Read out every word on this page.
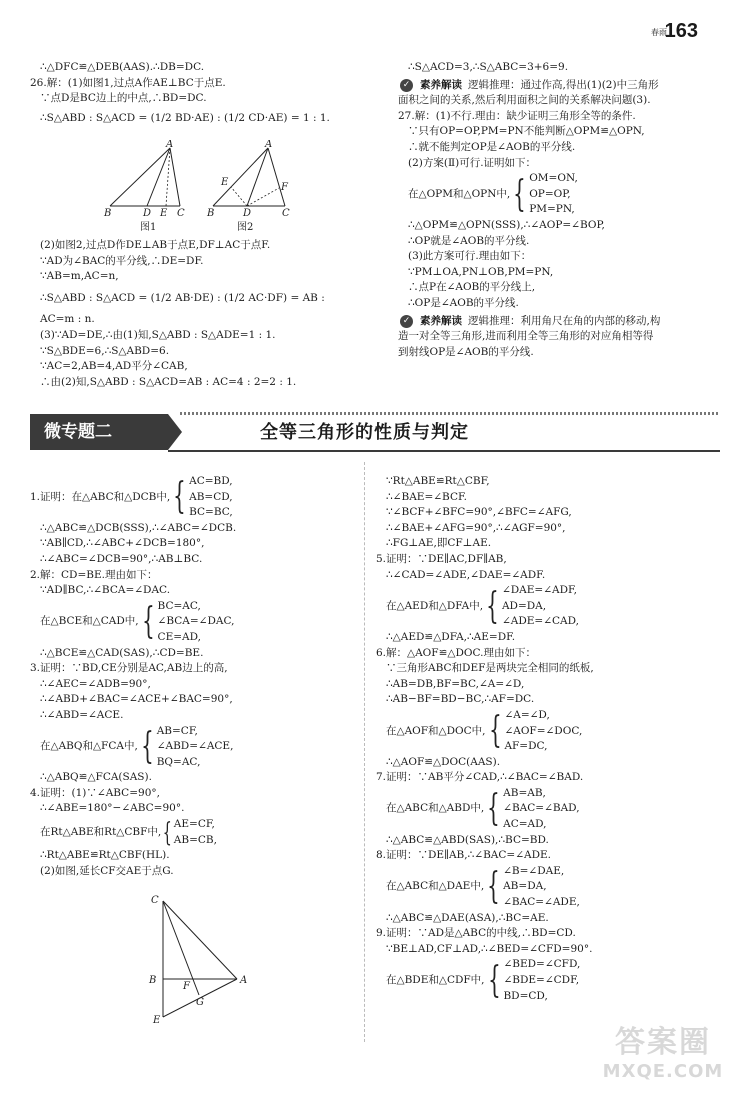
春雨
163

∴△DFC≌△DEB(AAS).∴DB=DC.

26.解：(1)如图1,过点A作AE⊥BC于点E.

∵点D是BC边上的中点,∴BD=DC.

∴S△ABD : S△ACD = (1/2 BD·AE) : (1/2 CD·AE) = 1 : 1.

A
B	D E C
图1
A
E	F
B	D	C
图2

(2)如图2,过点D作DE⊥AB于点E,DF⊥AC于点F.

∵AD为∠BAC的平分线,∴DE=DF.

∵AB=m,AC=n,

∴S△ABD : S△ACD = (1/2 AB·DE) : (1/2 AC·DF) = AB :

AC=m : n.

(3)∵AD=DE,∴由(1)知,S△ABD : S△ADE=1 : 1.

∵S△BDE=6,∴S△ABD=6.

∵AC=2,AB=4,AD平分∠CAB,

∴由(2)知,S△ABD : S△ACD=AB : AC=4 : 2=2 : 1.

∴S△ACD=3,∴S△ABC=3+6=9.

✓ 素养解读 逻辑推理：通过作高,得出(1)(2)中三角形

面积之间的关系,然后利用面积之间的关系解决问题(3).

27.解：(1)不行.理由：缺少证明三角形全等的条件.

∵只有OP=OP,PM=PN不能判断△OPM≌△OPN,

∴就不能判定OP是∠AOB的平分线.

(2)方案(Ⅱ)可行.证明如下：

在△OPM和△OPN中, { OM=ON,
OP=OP,
PM=PN,

∴△OPM≌△OPN(SSS),∴∠AOP=∠BOP,

∴OP就是∠AOB的平分线.

(3)此方案可行.理由如下：

∵PM⊥OA,PN⊥OB,PM=PN,

∴点P在∠AOB的平分线上,

∴OP是∠AOB的平分线.

✓ 素养解读 逻辑推理：利用角尺在角的内部的移动,构

造一对全等三角形,进而利用全等三角形的对应角相等得

到射线OP是∠AOB的平分线.

微专题二	全等三角形的性质与判定
1.证明：在△ABC和△DCB中, { AC=BD,
AB=CD,
BC=BC,

∴△ABC≌△DCB(SSS),∴∠ABC=∠DCB.

∵AB∥CD,∴∠ABC+∠DCB=180°,

∴∠ABC=∠DCB=90°,∴AB⊥BC.

2.解：CD=BE.理由如下：

∵AD∥BC,∴∠BCA=∠DAC.

在△BCE和△CAD中, { BC=AC,
∠BCA=∠DAC,
CE=AD,

∴△BCE≌△CAD(SAS),∴CD=BE.

3.证明：∵BD,CE分别是AC,AB边上的高,

∴∠AEC=∠ADB=90°,

∴∠ABD+∠BAC=∠ACE+∠BAC=90°,

∴∠ABD=∠ACE.

在△ABQ和△FCA中, { AB=CF,
∠ABD=∠ACE,
BQ=AC,

∴△ABQ≌△FCA(SAS).

4.证明：(1)∵∠ABC=90°,

∴∠ABE=180°−∠ABC=90°.

在Rt△ABE和Rt△CBF中, { AE=CF,
AB=CB,

∴Rt△ABE≌Rt△CBF(HL).

(2)如图,延长CF交AE于点G.

C
B	A
F
G
E

∵Rt△ABE≌Rt△CBF,

∴∠BAE=∠BCF.

∵∠BCF+∠BFC=90°,∠BFC=∠AFG,

∴∠BAE+∠AFG=90°,∴∠AGF=90°,

∴FG⊥AE,即CF⊥AE.

5.证明：∵DE∥AC,DF∥AB,

∴∠CAD=∠ADE,∠DAE=∠ADF.

在△AED和△DFA中, { ∠DAE=∠ADF,
AD=DA,
∠ADE=∠CAD,

∴△AED≌△DFA,∴AE=DF.

6.解：△AOF≌△DOC.理由如下：

∵三角形ABC和DEF是两块完全相同的纸板,

∴AB=DB,BF=BC,∠A=∠D,

∴AB−BF=BD−BC,∴AF=DC.

在△AOF和△DOC中, { ∠A=∠D,
∠AOF=∠DOC,
AF=DC,

∴△AOF≌△DOC(AAS).

7.证明：∵AB平分∠CAD,∴∠BAC=∠BAD.

在△ABC和△ABD中, { AB=AB,
∠BAC=∠BAD,
AC=AD,

∴△ABC≌△ABD(SAS),∴BC=BD.

8.证明：∵DE∥AB,∴∠BAC=∠ADE.

在△ABC和△DAE中, { ∠B=∠DAE,
AB=DA,
∠BAC=∠ADE,

∴△ABC≌△DAE(ASA),∴BC=AE.

9.证明：∵AD是△ABC的中线,∴BD=CD.

∵BE⊥AD,CF⊥AD,∴∠BED=∠CFD=90°.

在△BDE和△CDF中, { ∠BED=∠CFD,
∠BDE=∠CDF,
BD=CD,
答案圈
MXQE.COM
